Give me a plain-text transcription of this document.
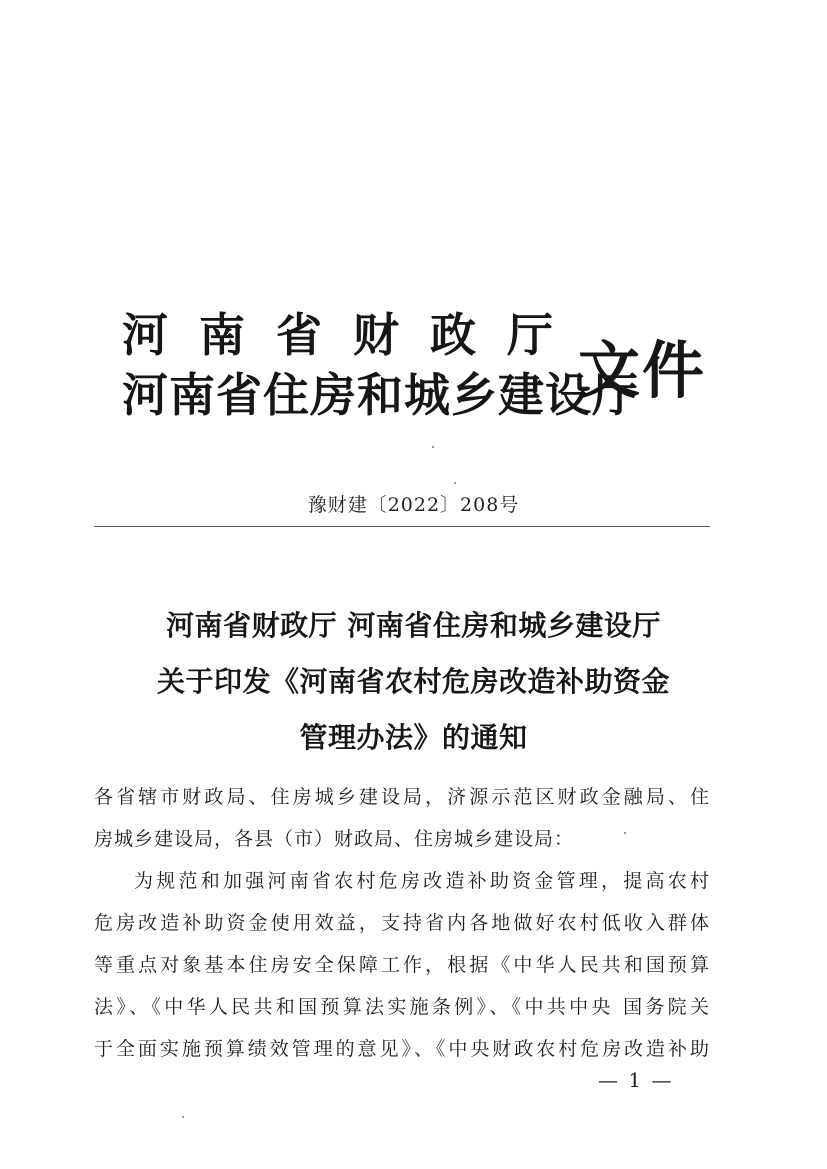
河南省财政厅
河南省住房和城乡建设厅
文件
豫财建〔2022〕208号
河南省财政厅 河南省住房和城乡建设厅
关于印发《河南省农村危房改造补助资金
管理办法》的通知
各省辖市财政局、住房城乡建设局，济源示范区财政金融局、住
房城乡建设局，各县（市）财政局、住房城乡建设局：
为规范和加强河南省农村危房改造补助资金管理，提高农村
危房改造补助资金使用效益，支持省内各地做好农村低收入群体
等重点对象基本住房安全保障工作，根据《中华人民共和国预算
法》、《中华人民共和国预算法实施条例》、《中共中央 国务院关
于全面实施预算绩效管理的意见》、《中央财政农村危房改造补助
— 1 —
